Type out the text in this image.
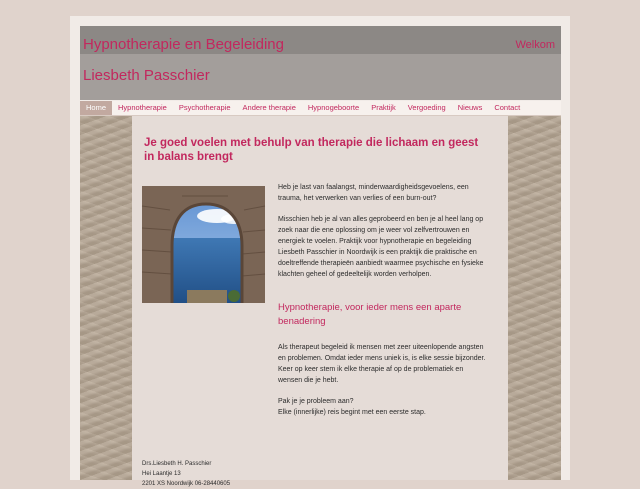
Hypnotherapie en Begeleiding
Liesbeth Passchier
Welkom
Home	Hypnotherapie	Psychotherapie	Andere therapie	Hypnogeboorte	Praktijk	Vergoeding	Nieuws	Contact
Je goed voelen met behulp van therapie die lichaam en geest in balans brengt

Heb je last van faalangst, minderwaardigheidsgevoelens, een trauma, het verwerken van verlies of een burn-out?

Misschien heb je al van alles geprobeerd en ben je al heel lang op zoek naar die ene oplossing om je weer vol zelfvertrouwen en energiek te voelen. Praktijk voor hypnotherapie en begeleiding Liesbeth Passchier in Noordwijk is een praktijk die praktische en doeltreffende therapieën aanbiedt waarmee psychische en fysieke klachten geheel of gedeeltelijk worden verholpen.

Hypnotherapie, voor ieder mens een aparte benadering

Als therapeut begeleid ik mensen met zeer uiteenlopende angsten en problemen. Omdat ieder mens uniek is, is elke sessie bijzonder. Keer op keer stem ik elke therapie af op de problematiek en wensen die je hebt.

Pak je je probleem aan?

Elke (innerlijke) reis begint met een eerste stap.

Drs.Liesbeth H. Passchier
Hei Laantje 13
2201 XS Noordwijk 06-28440605
